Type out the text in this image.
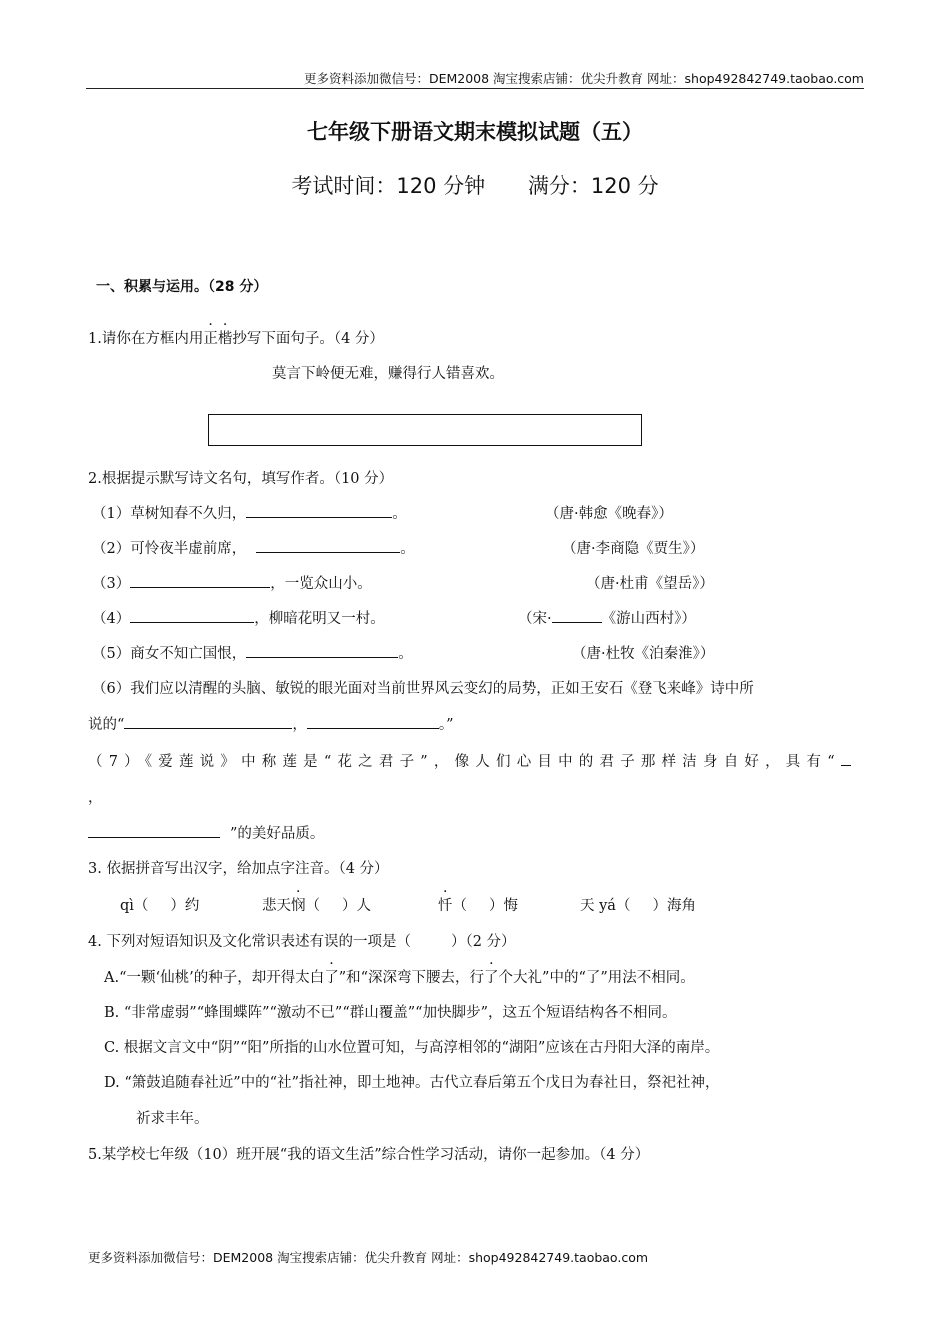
更多资料添加微信号：DEM2008 淘宝搜索店铺：优尖升教育 网址：shop492842749.taobao.com
七年级下册语文期末模拟试题（五）
考试时间：120 分钟 满分：120 分
一、积累与运用。（28 分）
1.请你在方框内用正楷抄写下面句子。（4 分）
莫言下岭便无难，赚得行人错喜欢。
2.根据提示默写诗文名句，填写作者。（10 分）
（1）草树知春不久归，	。	（唐·韩愈《晚春》）
（2）可怜夜半虚前席，	。	（唐·李商隐《贾生》）
（3）	，一览众山小。	（唐·杜甫《望岳》）
（4）	，柳暗花明又一村。	（宋·	《游山西村》）
（5）商女不知亡国恨，	。	（唐·杜牧《泊秦淮》）
（6）我们应以清醒的头脑、敏锐的眼光面对当前世界风云变幻的局势，正如王安石《登飞来峰》诗中所
说的“	，	。”
（7）《爱莲说》中称莲是“花之君子”，像人们心目中的君子那样洁身自好，具有“
，
”的美好品质。
3. 依据拼音写出汉字，给加点字注音。（4 分）
qì（ ）约	悲天悯（ ）人	忏（ ）悔	天 yá（ ）海角
4. 下列对短语知识及文化常识表述有误的一项是（	）（2 分）
A.“一颗‘仙桃’的种子，却开得太白了”和“深深弯下腰去，行了个大礼”中的“了”用法不相同。
B. “非常虚弱”“蜂围蝶阵”“激动不已”“群山覆盖”“加快脚步”，这五个短语结构各不相同。
C. 根据文言文中“阴”“阳”所指的山水位置可知，与高淳相邻的“湖阳”应该在古丹阳大泽的南岸。
D. “箫鼓追随春社近”中的“社”指社神，即土地神。古代立春后第五个戊日为春社日，祭祀社神，
祈求丰年。
5.某学校七年级（10）班开展“我的语文生活”综合性学习活动，请你一起参加。（4 分）
更多资料添加微信号：DEM2008 淘宝搜索店铺：优尖升教育 网址：shop492842749.taobao.com
